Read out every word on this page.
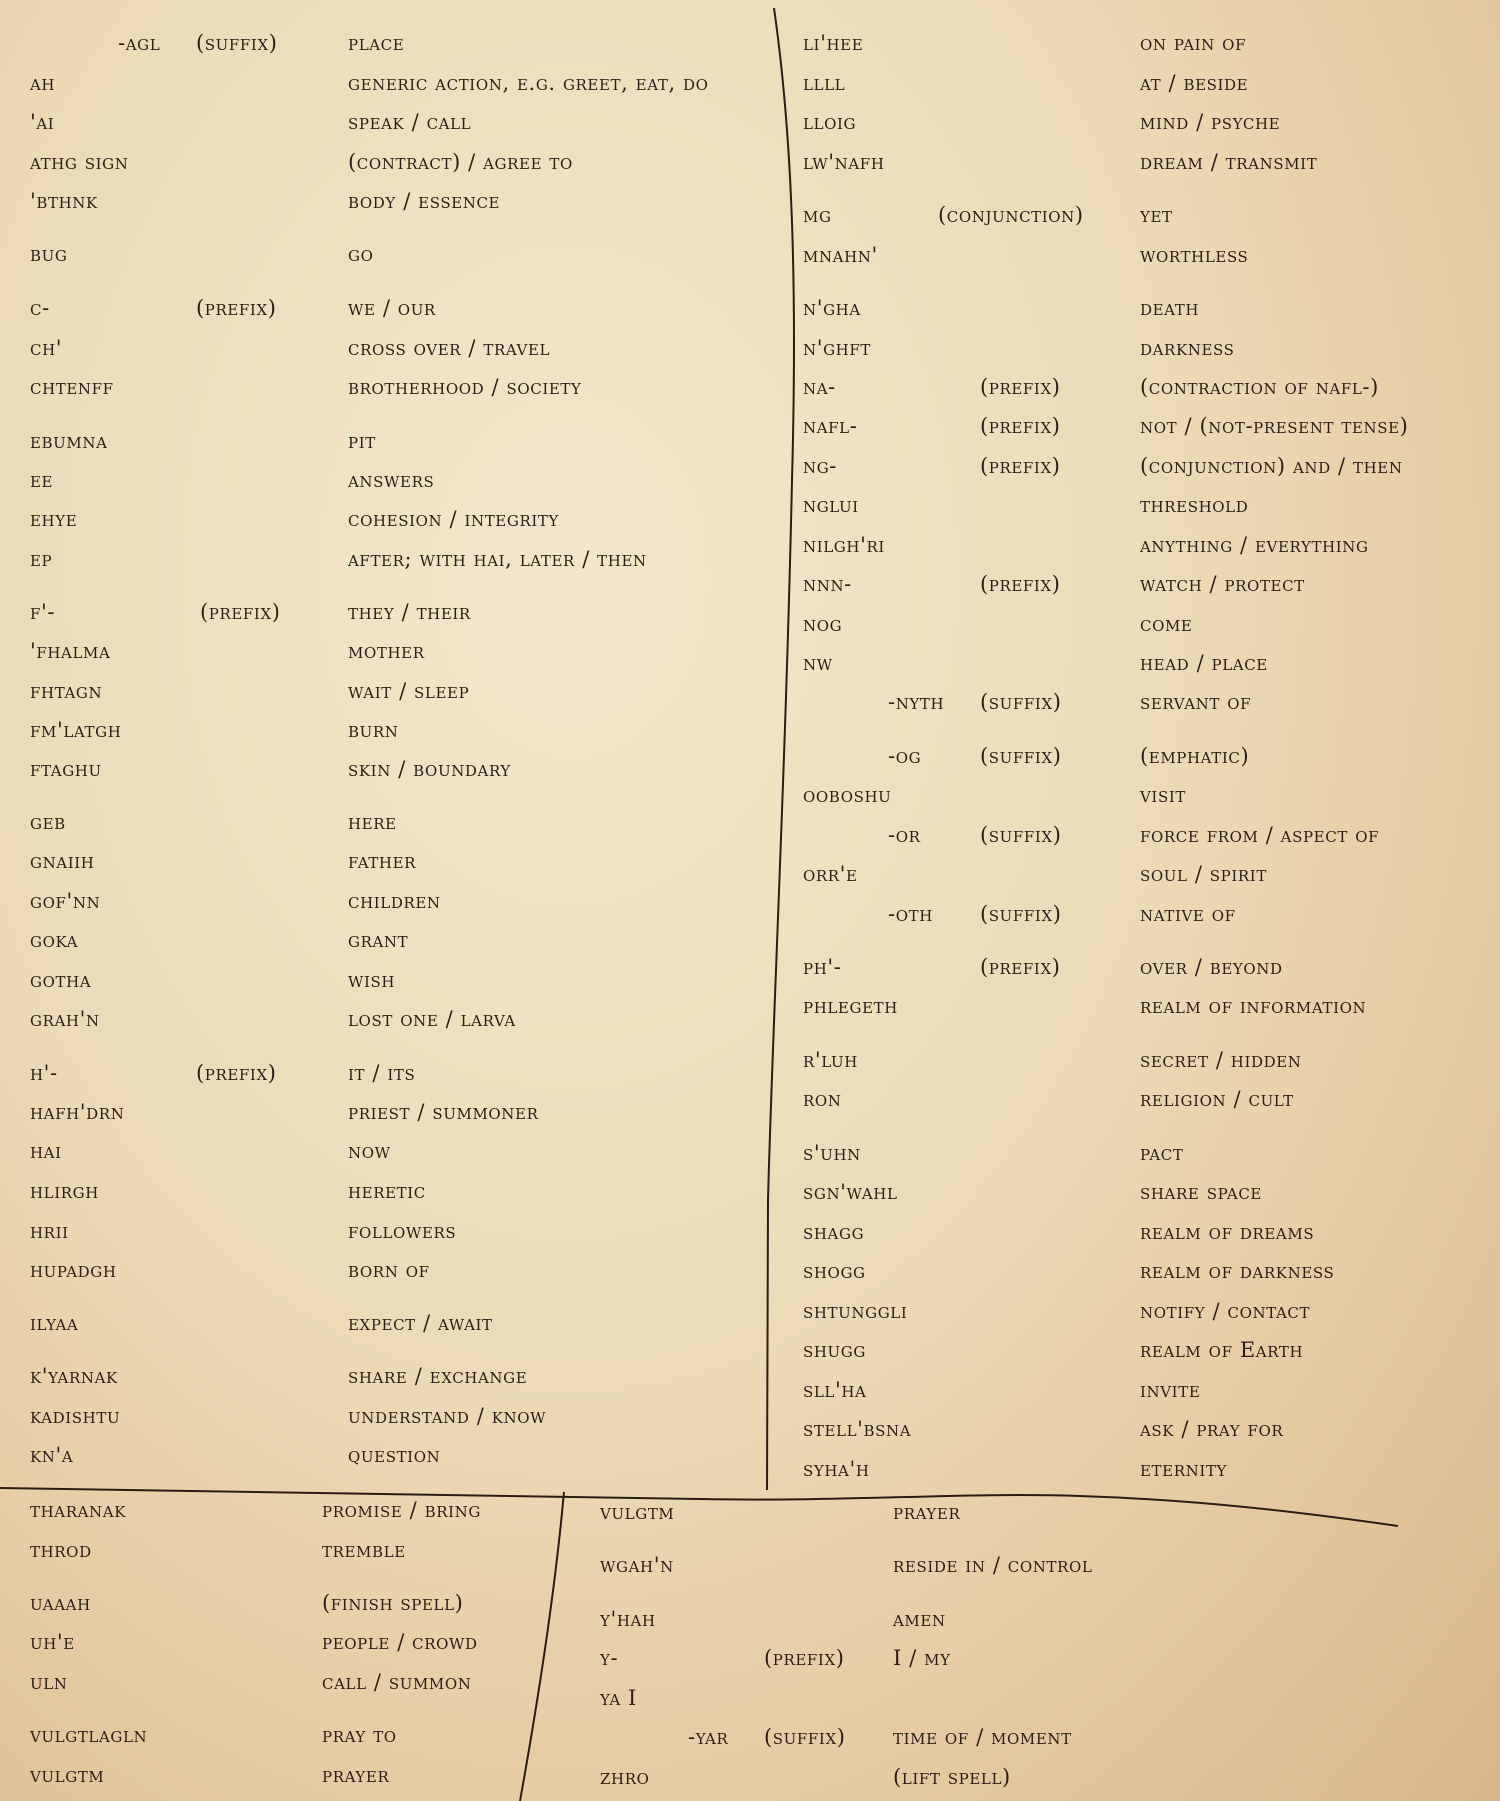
-agl (suffix)	place
ah	generic action, e.g. greet, eat, do
'ai	speak / call
athg sign	(contract) / agree to
'bthnk	body / essence
bug	go
c-	(prefix)	we / our
ch'	cross over / travel
chtenff	brotherhood / society
ebumna	pit
ee	answers
ehye	cohesion / integrity
ep	after; with hai, later / then
f'-	(prefix)	they / their
'fhalma	mother
fhtagn	wait / sleep
fm'latgh	burn
ftaghu	skin / boundary
geb	here
gnaiih	father
gof'nn	children
goka	grant
gotha	wish
grah'n	lost one / larva
h'-	(prefix)	it / its
hafh'drn	priest / summoner
hai	now
hlirgh	heretic
hrii	followers
hupadgh	born of
ilyaa	expect / await
k'yarnak	share / exchange
kadishtu	understand / know
kn'a	question
li'hee	on pain of
llll	at / beside
lloig	mind / psyche
lw'nafh	dream / transmit
mg	(conjunction)	yet
mnahn'	worthless
n'gha	death
n'ghft	darkness
na-	(prefix)	(contraction of nafl-)
nafl-	(prefix)	not / (not-present tense)
ng-	(prefix)	(conjunction) and / then
nglui	threshold
nilgh'ri	anything / everything
nnn-	(prefix)	watch / protect
nog	come
nw	head / place
-nyth (suffix)	servant of
-og	(suffix)	(emphatic)
ooboshu	visit
-or	(suffix)	force from / aspect of
orr'e	soul / spirit
-oth (suffix)	native of
ph'-	(prefix)	over / beyond
phlegeth	realm of information
r'luh	secret / hidden
ron	religion / cult
s'uhn	pact
sgn'wahl	share space
shagg	realm of dreams
shogg	realm of darkness
shtunggli	notify / contact
shugg	realm of Earth
sll'ha	invite
stell'bsna	ask / pray for
syha'h	eternity
tharanak	promise / bring
throd	tremble
uaaah	(finish spell)
uh'e	people / crowd
uln	call / summon
vulgtlagln	pray to
vulgtm	prayer
vulgtm	prayer
wgah'n	reside in / control
y'hah	amen
y-	(prefix) I / my
ya I
-yar (suffix) time of / moment
zhro	(lift spell)
